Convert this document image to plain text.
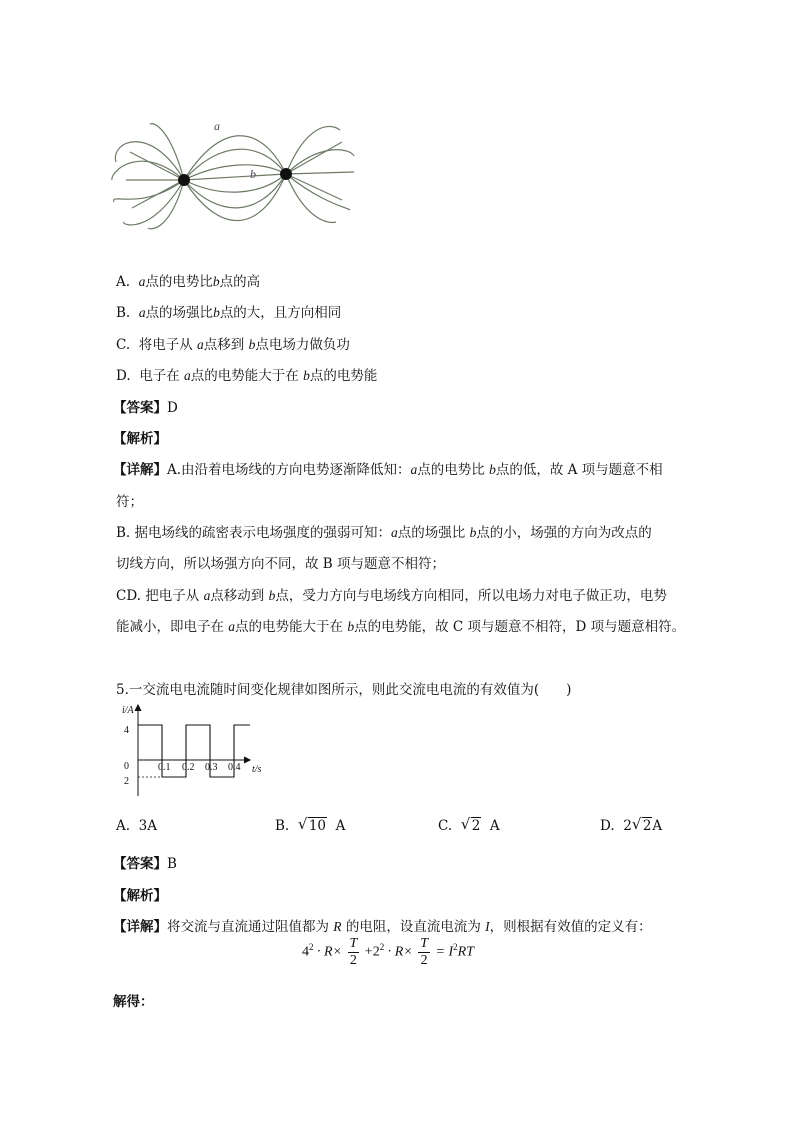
a
b
A. a点的电势比b点的高
B. a点的场强比b点的大，且方向相同
C. 将电子从 a点移到 b点电场力做负功
D. 电子在 a点的电势能大于在 b点的电势能
【答案】D
【解析】
【详解】A.由沿着电场线的方向电势逐渐降低知：a点的电势比 b点的低，故 A 项与题意不相
符；
B. 据电场线的疏密表示电场强度的强弱可知：a点的场强比 b点的小，场强的方向为改点的
切线方向，所以场强方向不同，故 B 项与题意不相符；
CD. 把电子从 a点移动到 b点，受力方向与电场线方向相同，所以电场力对电子做正功，电势
能减小，即电子在 a点的电势能大于在 b点的电势能，故 C 项与题意不相符，D 项与题意相符。
5.一交流电电流随时间变化规律如图所示，则此交流电电流的有效值为(　　)
i/A
4
0
2
0.1 0.2 0.3 0.4 t/s
A. 3A	B. √ 10 A	C. √ 2 A	D. 2 √ 2A
【答案】B
【解析】
【详解】将交流与直流通过阻值都为 R 的电阻，设直流电流为 I，则根据有效值的定义有：
$4^2 \cdot R\times \frac{T}{2} +2^2 \cdot R\times \frac{T}{2} = I^2RT$
解得：
